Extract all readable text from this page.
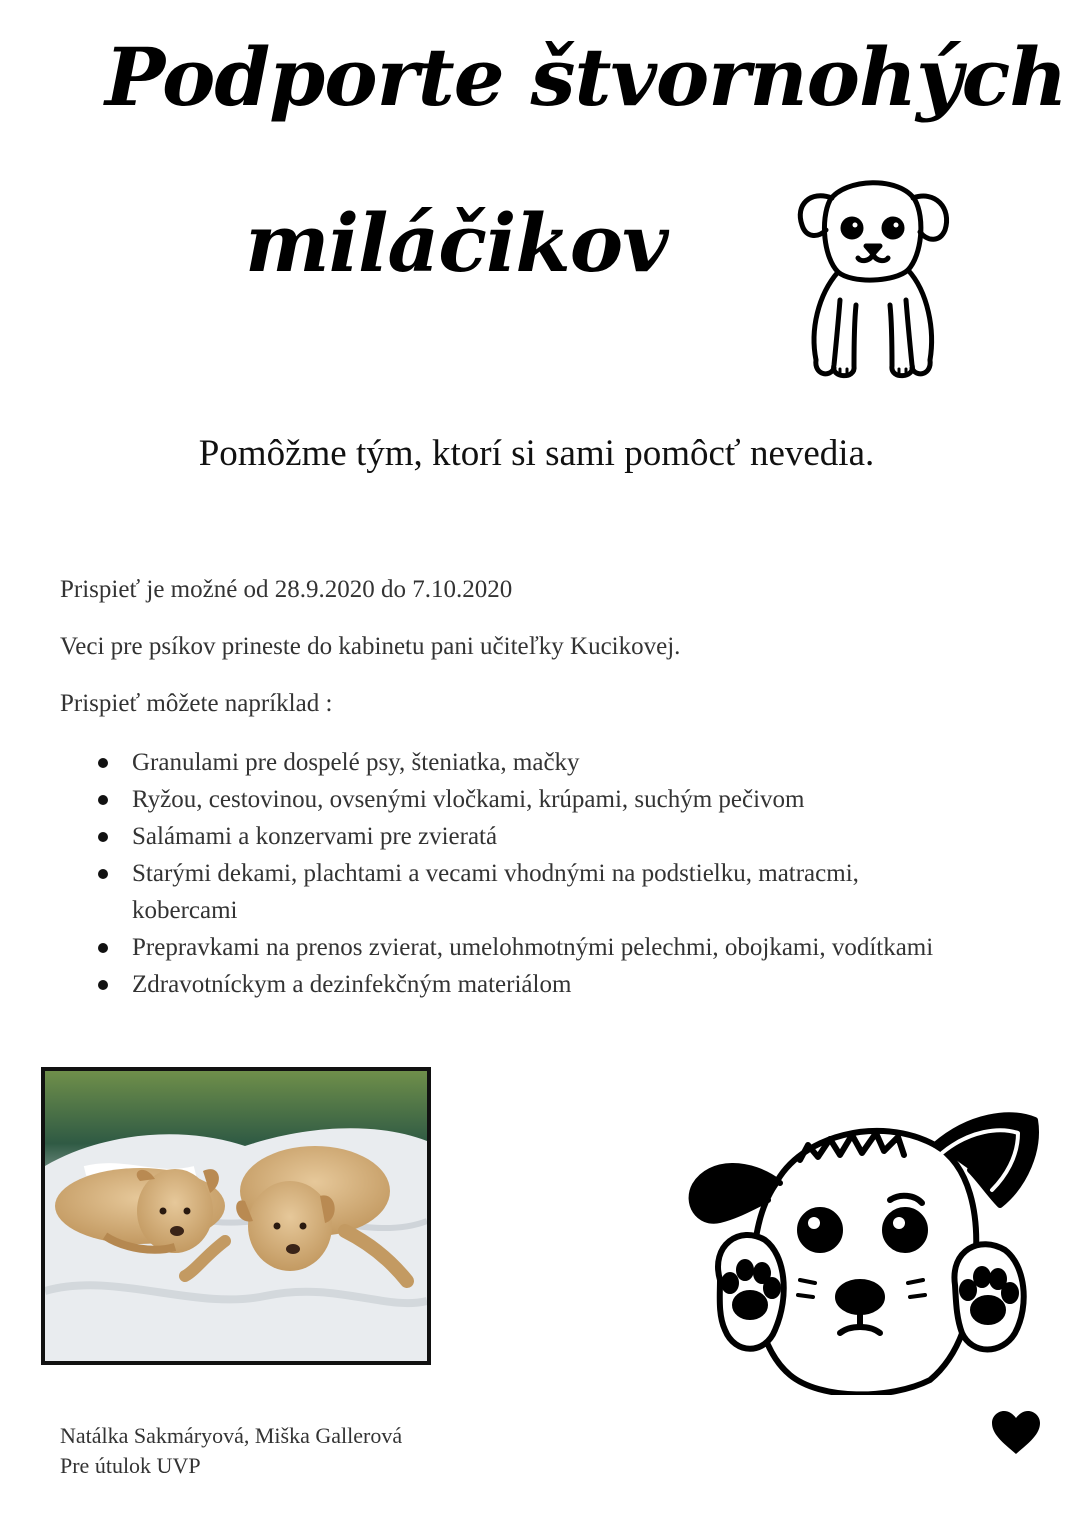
Podporte štvornohých
miláčikov
Pomôžme tým, ktorí si sami pomôcť nevedia.

Prispieť je možné od 28.9.2020 do 7.10.2020

Veci pre psíkov prineste do kabinetu pani učiteľky Kucikovej.

Prispieť môžete napríklad :

Granulami pre dospelé psy, šteniatka, mačky
Ryžou, cestovinou, ovsenými vločkami, krúpami, suchým pečivom
Salámami a konzervami pre zvieratá
Starými dekami, plachtami a vecami vhodnými na podstielku, matracmi, kobercami
Prepravkami na prenos zvierat, umelohmotnými pelechmi, obojkami, vodítkami
Zdravotníckym a dezinfekčným materiálom

Natálka Sakmáryová, Miška Gallerová

Pre útulok UVP
